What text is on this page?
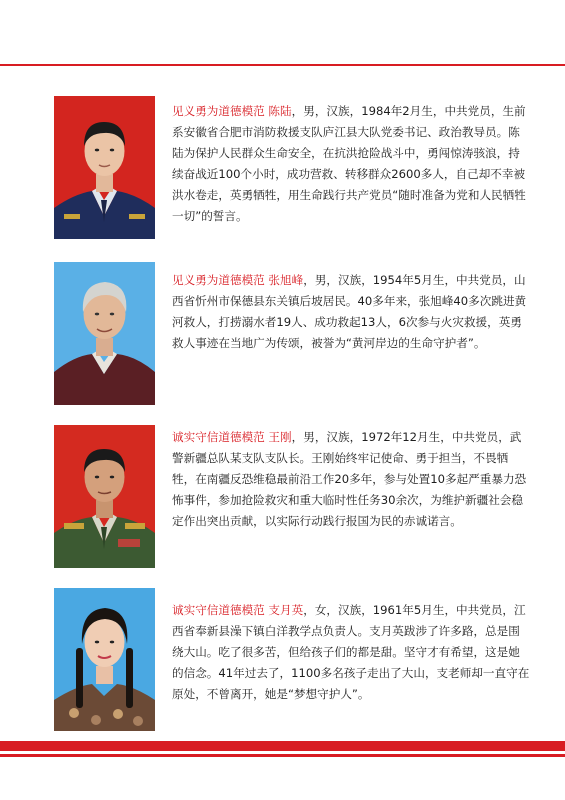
见义勇为道德模范 陈陆，男，汉族，1984年2月生，中共党员，生前系安徽省合肥市消防救援支队庐江县大队党委书记、政治教导员。陈陆为保护人民群众生命安全，在抗洪抢险战斗中，勇闯惊涛骇浪，持续奋战近100个小时，成功营救、转移群众2600多人，自己却不幸被洪水卷走，英勇牺牲，用生命践行共产党员“随时准备为党和人民牺牲一切”的誓言。
见义勇为道德模范 张旭峰，男，汉族，1954年5月生，中共党员，山西省忻州市保德县东关镇后坡居民。40多年来，张旭峰40多次跳进黄河救人，打捞溺水者19人、成功救起13人，6次参与火灾救援，英勇救人事迹在当地广为传颂，被誉为“黄河岸边的生命守护者”。
诚实守信道德模范 王刚，男，汉族，1972年12月生，中共党员，武警新疆总队某支队支队长。王刚始终牢记使命、勇于担当，不畏牺牲，在南疆反恐维稳最前沿工作20多年，参与处置10多起严重暴力恐怖事件，参加抢险救灾和重大临时性任务30余次，为维护新疆社会稳定作出突出贡献，以实际行动践行报国为民的赤诚诺言。
诚实守信道德模范 支月英，女，汉族，1961年5月生，中共党员，江西省奉新县澡下镇白洋教学点负责人。支月英跋涉了许多路，总是围绕大山。吃了很多苦，但给孩子们的都是甜。坚守才有希望，这是她的信念。41年过去了，1100多名孩子走出了大山，支老师却一直守在原处，不曾离开，她是“梦想守护人”。
